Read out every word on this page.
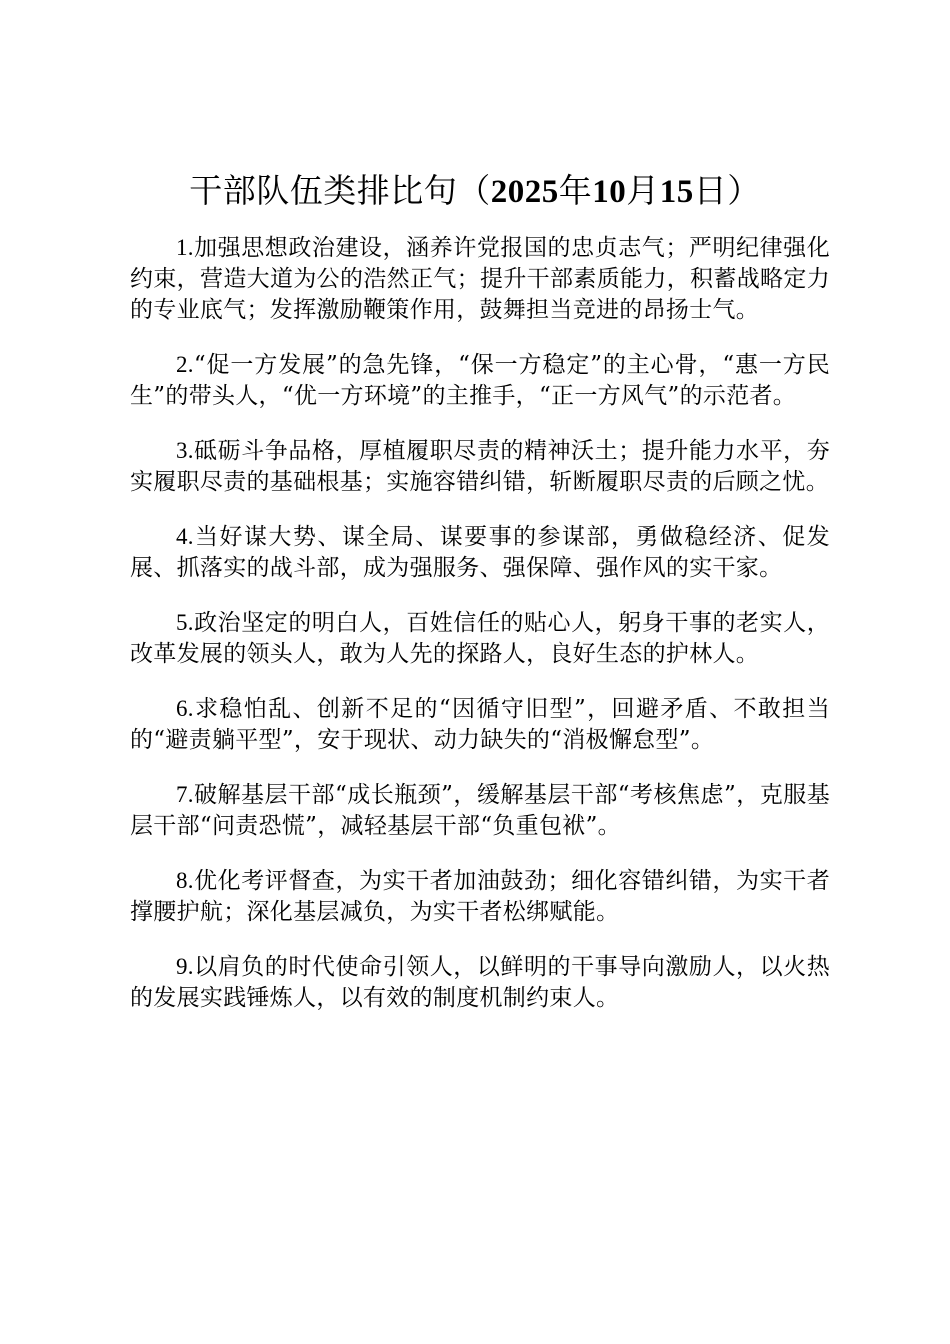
干部队伍类排比句（2025年10月15日）

1.加强思想政治建设，涵养许党报国的忠贞志气；严明纪律强化约束，营造大道为公的浩然正气；提升干部素质能力，积蓄战略定力的专业底气；发挥激励鞭策作用，鼓舞担当竞进的昂扬士气。

2.“促一方发展”的急先锋，“保一方稳定”的主心骨，“惠一方民生”的带头人，“优一方环境”的主推手，“正一方风气”的示范者。

3.砥砺斗争品格，厚植履职尽责的精神沃土；提升能力水平，夯实履职尽责的基础根基；实施容错纠错，斩断履职尽责的后顾之忧。

4.当好谋大势、谋全局、谋要事的参谋部，勇做稳经济、促发展、抓落实的战斗部，成为强服务、强保障、强作风的实干家。

5.政治坚定的明白人，百姓信任的贴心人，躬身干事的老实人，改革发展的领头人，敢为人先的探路人，良好生态的护林人。

6.求稳怕乱、创新不足的“因循守旧型”，回避矛盾、不敢担当的“避责躺平型”，安于现状、动力缺失的“消极懈怠型”。

7.破解基层干部“成长瓶颈”，缓解基层干部“考核焦虑”，克服基层干部“问责恐慌”，减轻基层干部“负重包袱”。

8.优化考评督查，为实干者加油鼓劲；细化容错纠错，为实干者撑腰护航；深化基层减负，为实干者松绑赋能。

9.以肩负的时代使命引领人，以鲜明的干事导向激励人，以火热的发展实践锤炼人，以有效的制度机制约束人。
